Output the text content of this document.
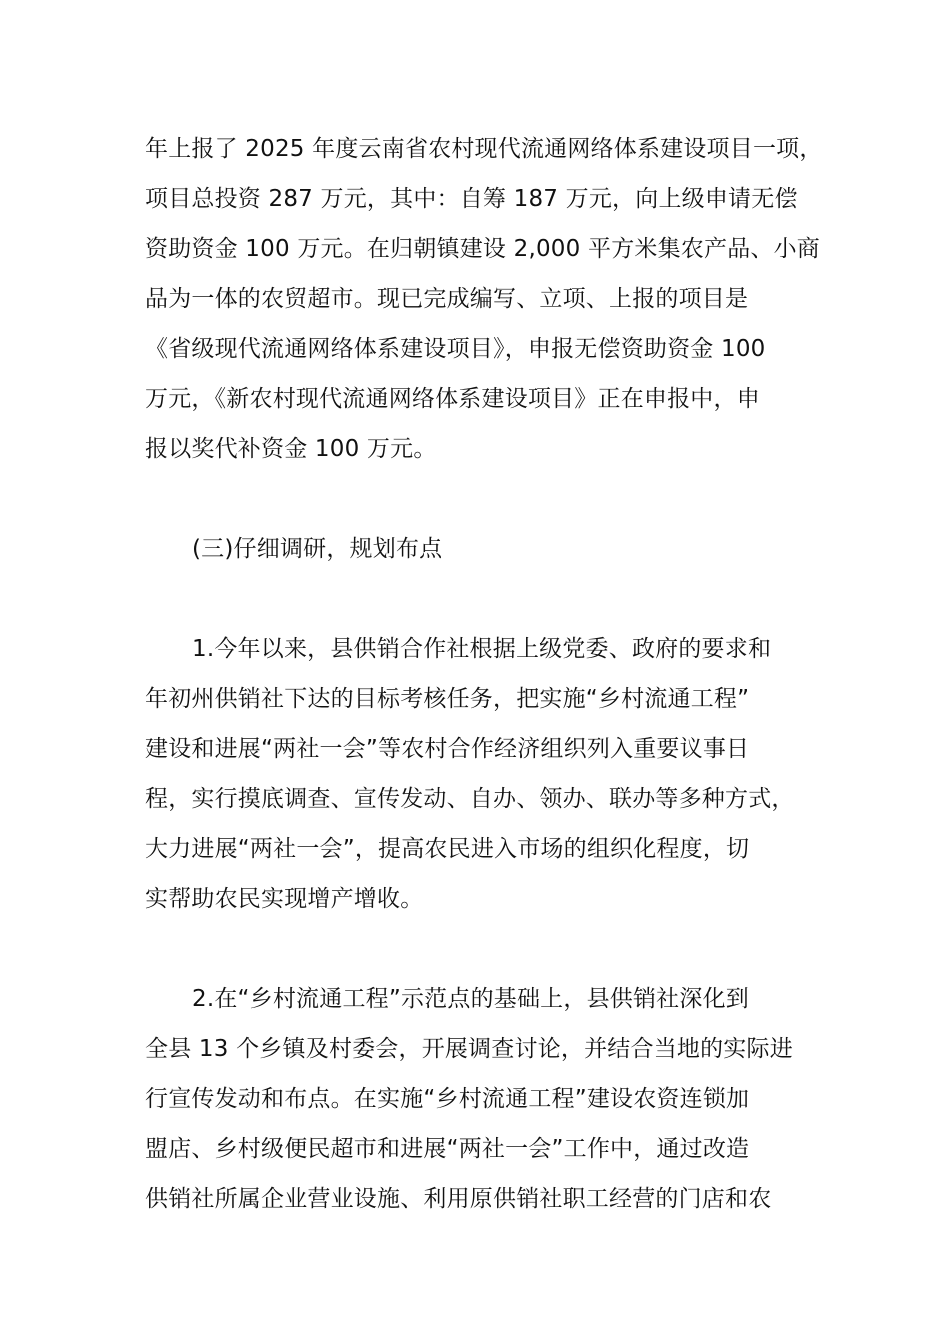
年上报了 2025 年度云南省农村现代流通网络体系建设项目一项，
项目总投资 287 万元，其中：自筹 187 万元，向上级申请无偿
资助资金 100 万元。在归朝镇建设 2,000 平方米集农产品、小商
品为一体的农贸超市。现已完成编写、立项、上报的项目是
《省级现代流通网络体系建设项目》，申报无偿资助资金 100
万元，《新农村现代流通网络体系建设项目》正在申报中，申
报以奖代补资金 100 万元。
(三)仔细调研，规划布点
1.今年以来，县供销合作社根据上级党委、政府的要求和
年初州供销社下达的目标考核任务，把实施“乡村流通工程”
建设和进展“两社一会”等农村合作经济组织列入重要议事日
程，实行摸底调查、宣传发动、自办、领办、联办等多种方式，
大力进展“两社一会”，提高农民进入市场的组织化程度，切
实帮助农民实现增产增收。
2.在“乡村流通工程”示范点的基础上，县供销社深化到
全县 13 个乡镇及村委会，开展调查讨论，并结合当地的实际进
行宣传发动和布点。在实施“乡村流通工程”建设农资连锁加
盟店、乡村级便民超市和进展“两社一会”工作中，通过改造
供销社所属企业营业设施、利用原供销社职工经营的门店和农
